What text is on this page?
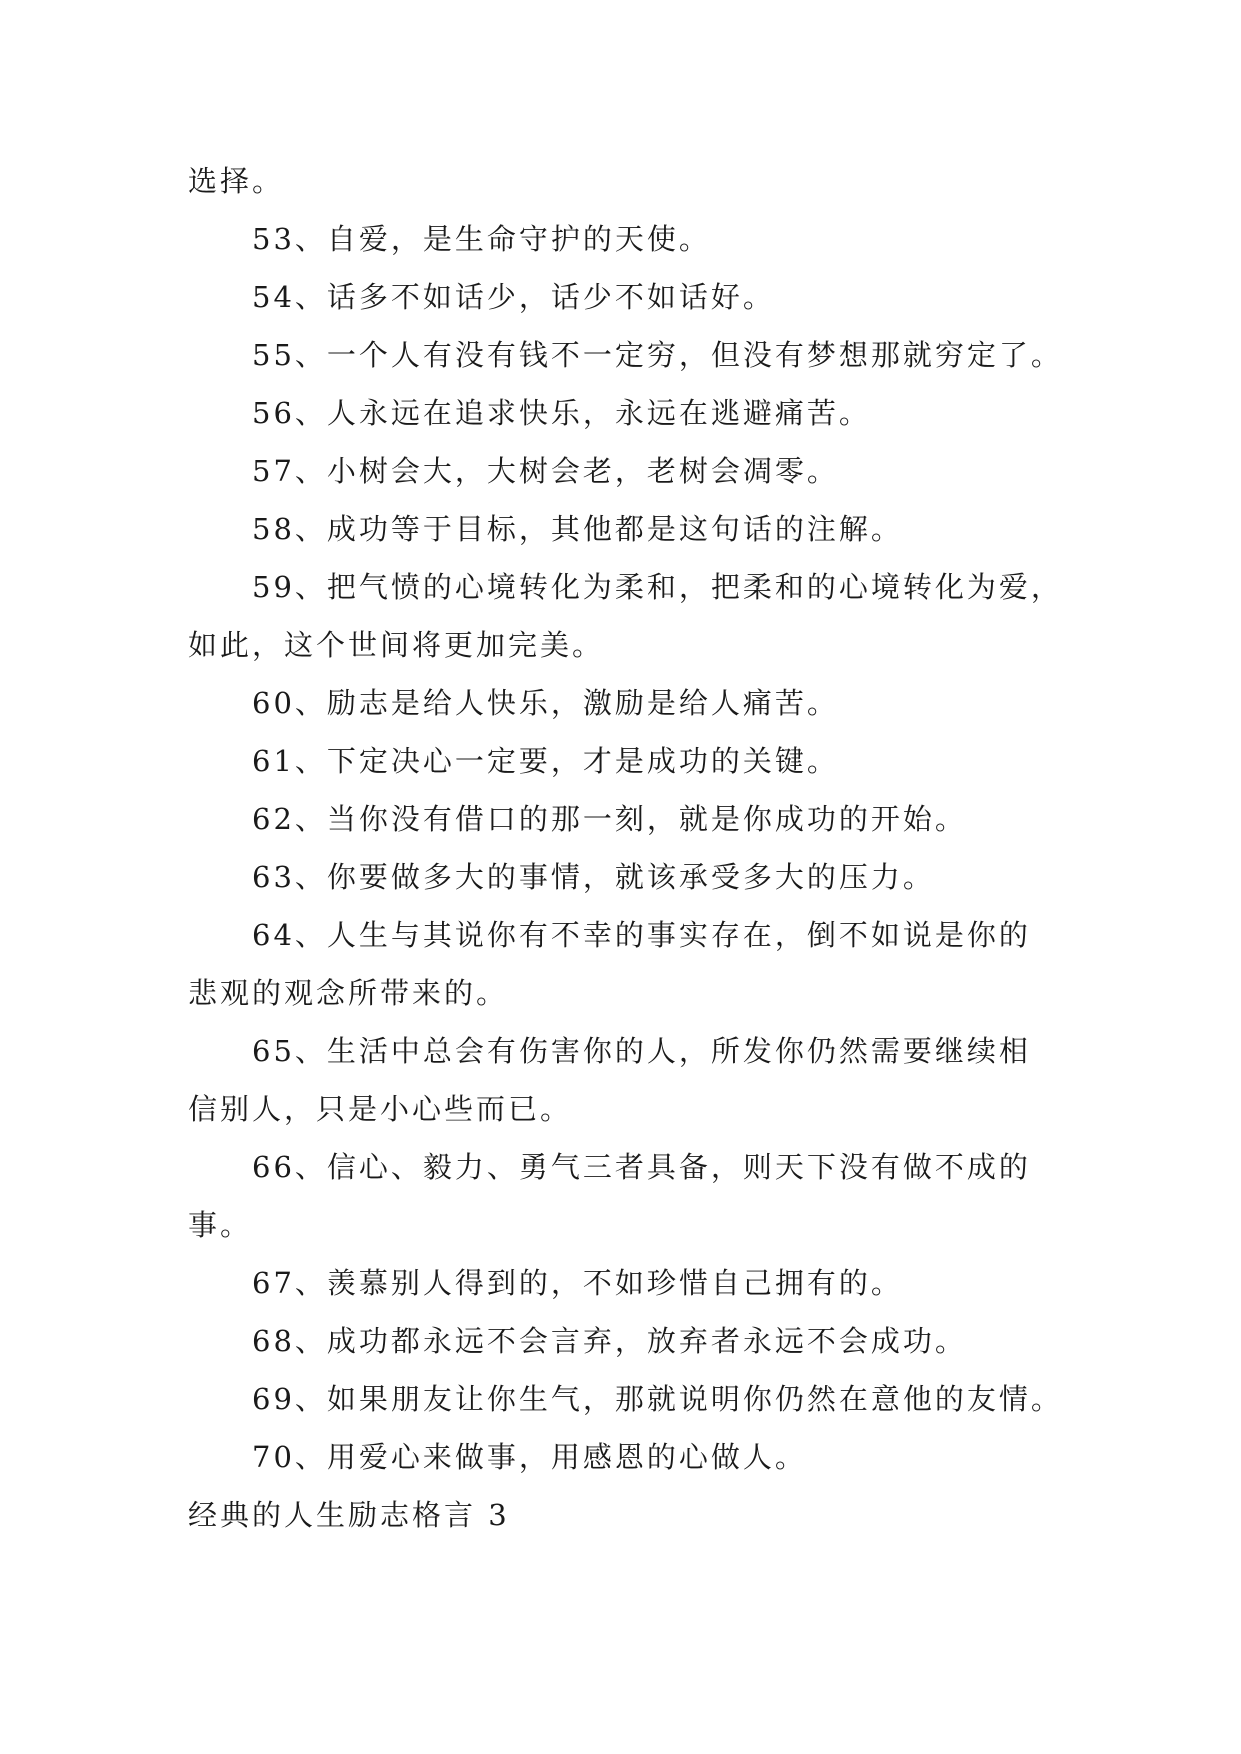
选择。

53、自爱，是生命守护的天使。

54、话多不如话少，话少不如话好。

55、一个人有没有钱不一定穷，但没有梦想那就穷定了。

56、人永远在追求快乐，永远在逃避痛苦。

57、小树会大，大树会老，老树会凋零。

58、成功等于目标，其他都是这句话的注解。

59、把气愤的心境转化为柔和，把柔和的心境转化为爱，

如此，这个世间将更加完美。

60、励志是给人快乐，激励是给人痛苦。

61、下定决心一定要，才是成功的关键。

62、当你没有借口的那一刻，就是你成功的开始。

63、你要做多大的事情，就该承受多大的压力。

64、人生与其说你有不幸的事实存在，倒不如说是你的

悲观的观念所带来的。

65、生活中总会有伤害你的人，所发你仍然需要继续相

信别人，只是小心些而已。

66、信心、毅力、勇气三者具备，则天下没有做不成的

事。

67、羡慕别人得到的，不如珍惜自己拥有的。

68、成功都永远不会言弃，放弃者永远不会成功。

69、如果朋友让你生气，那就说明你仍然在意他的友情。

70、用爱心来做事，用感恩的心做人。

经典的人生励志格言 3
